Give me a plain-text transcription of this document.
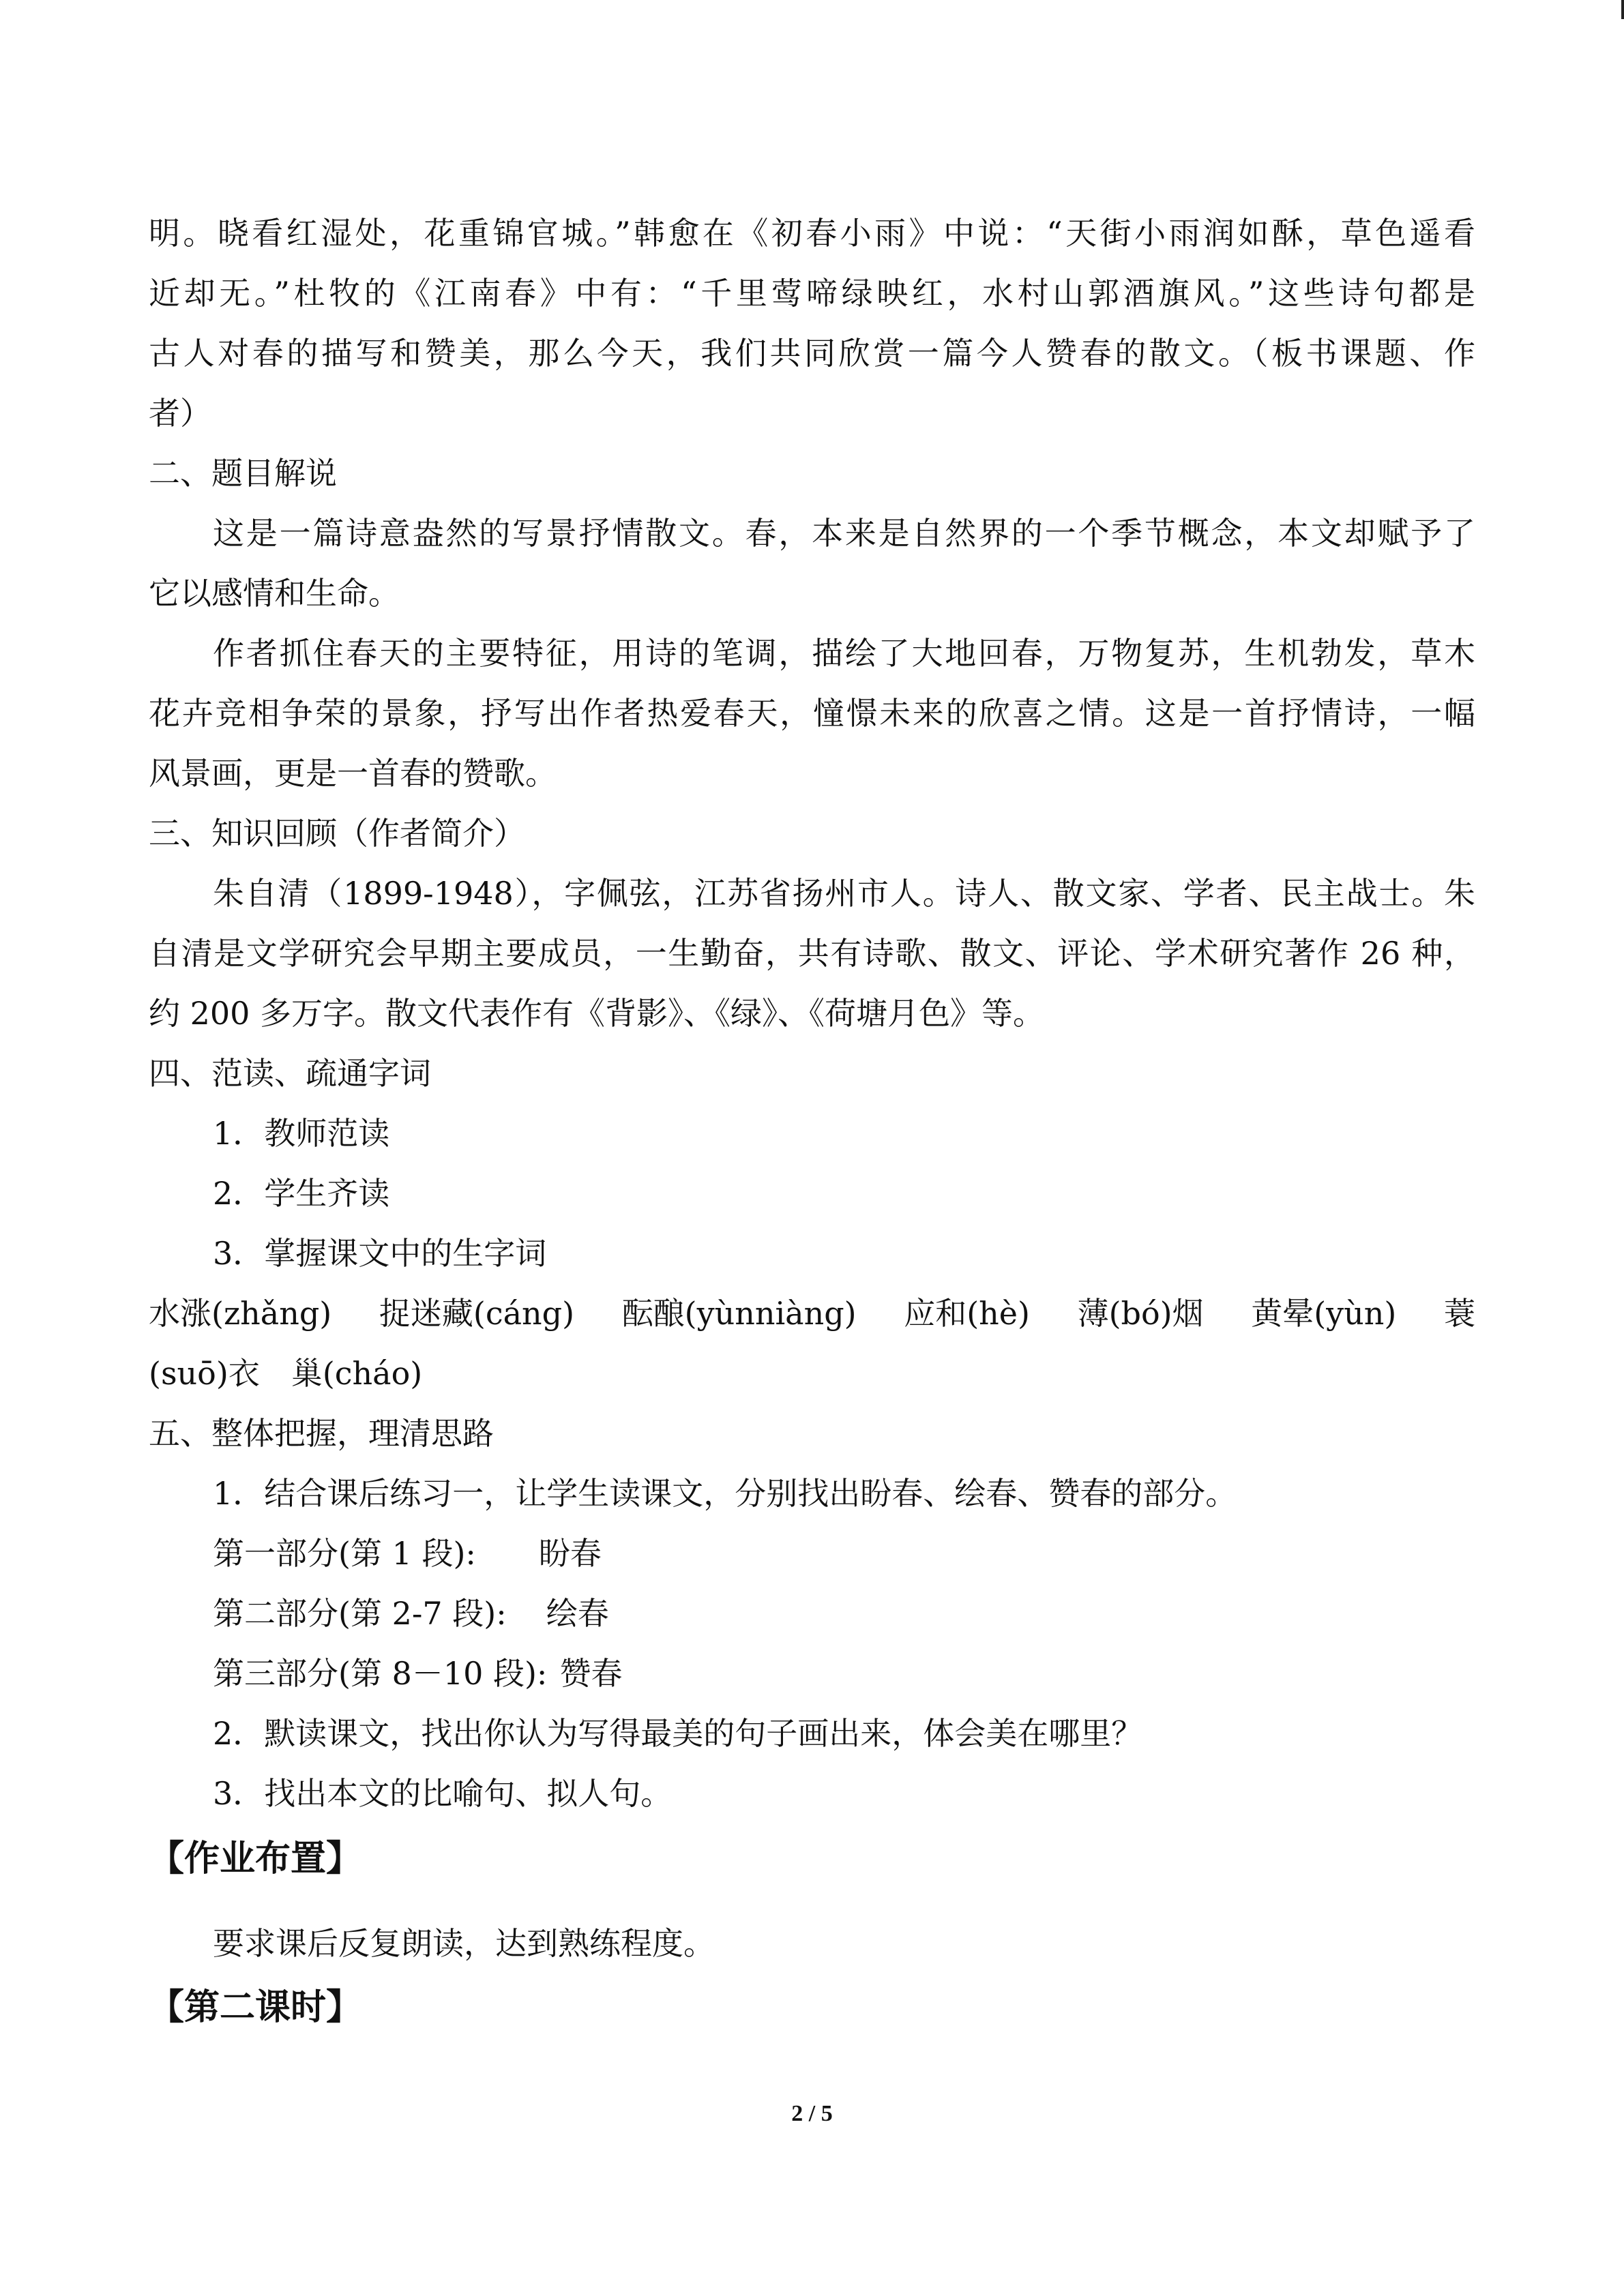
明。晓看红湿处，花重锦官城。”韩愈在《初春小雨》中说：“天街小雨润如酥，草色遥看

近却无。”杜牧的《江南春》中有：“千里莺啼绿映红，水村山郭酒旗风。”这些诗句都是

古人对春的描写和赞美，那么今天，我们共同欣赏一篇今人赞春的散文。（板书课题、作

者）

二、题目解说

这是一篇诗意盎然的写景抒情散文。春，本来是自然界的一个季节概念，本文却赋予了

它以感情和生命。

作者抓住春天的主要特征，用诗的笔调，描绘了大地回春，万物复苏，生机勃发，草木

花卉竞相争荣的景象，抒写出作者热爱春天，憧憬未来的欣喜之情。这是一首抒情诗，一幅

风景画，更是一首春的赞歌。

三、知识回顾（作者简介）

朱自清（1899-1948），字佩弦，江苏省扬州市人。诗人、散文家、学者、民主战士。朱

自清是文学研究会早期主要成员，一生勤奋，共有诗歌、散文、评论、学术研究著作 26 种，

约 200 多万字。散文代表作有《背影》、《绿》、《荷塘月色》等。

四、范读、疏通字词

1．教师范读

2．学生齐读

3．掌握课文中的生字词

水涨(zhǎng) 捉迷藏(cáng) 酝酿(yùnniàng) 应和(hè) 薄(bó)烟 黄晕(yùn) 蓑

(suō)衣　巢(cháo)

五、整体把握，理清思路

1．结合课后练习一，让学生读课文，分别找出盼春、绘春、赞春的部分。

第一部分(第 1 段): 盼春

第二部分(第 2-7 段): 绘春

第三部分(第 8－10 段): 赞春

2．默读课文，找出你认为写得最美的句子画出来，体会美在哪里？

3．找出本文的比喻句、拟人句。

【作业布置】

要求课后反复朗读，达到熟练程度。

【第二课时】

2 / 5
